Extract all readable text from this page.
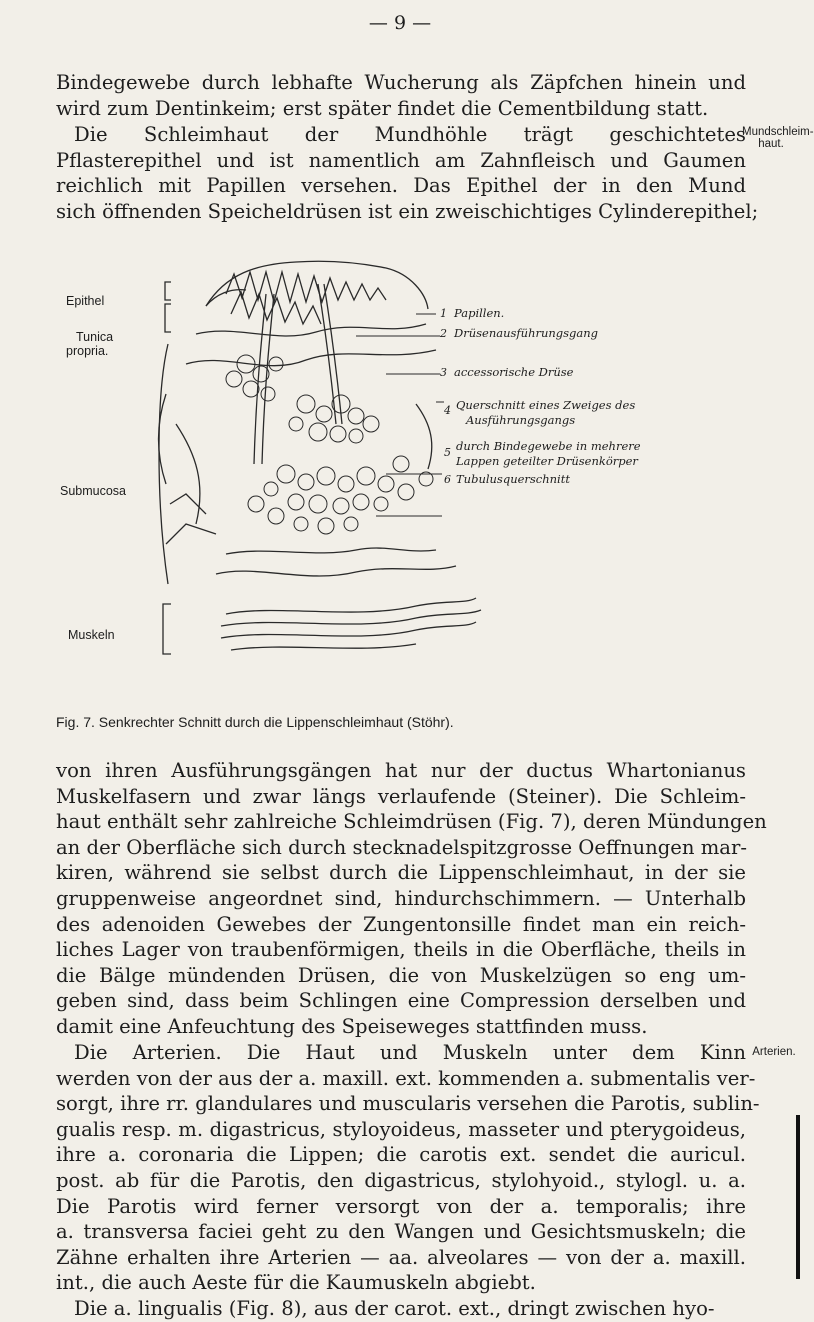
— 9 —
Bindegewebe durch lebhafte Wucherung als Zäpfchen hinein und
wird zum Dentinkeim; erst später findet die Cementbildung statt.
Die Schleimhaut der Mundhöhle trägt geschichtetes
Pflasterepithel und ist namentlich am Zahnfleisch und Gaumen
reichlich mit Papillen versehen. Das Epithel der in den Mund
sich öffnenden Speicheldrüsen ist ein zweischichtiges Cylinderepithel;
Mundschleim-
haut.
Epithel
Tunica
propria.
Submucosa
Muskeln
1 Papillen.
2 Drüsenausführungsgang
3 accessorische Drüse
4 Querschnitt eines Zweiges des
Ausführungsgangs
5 durch Bindegewebe in mehrere
Lappen geteilter Drüsenkörper
6 Tubulusquerschnitt
Fig. 7. Senkrechter Schnitt durch die Lippenschleimhaut (Stöhr).
von ihren Ausführungsgängen hat nur der ductus Whartonianus
Muskelfasern und zwar längs verlaufende (Steiner). Die Schleim-
haut enthält sehr zahlreiche Schleimdrüsen (Fig. 7), deren Mündungen
an der Oberfläche sich durch stecknadelspitzgrosse Oeffnungen mar-
kiren, während sie selbst durch die Lippenschleimhaut, in der sie
gruppenweise angeordnet sind, hindurchschimmern. — Unterhalb
des adenoiden Gewebes der Zungentonsille findet man ein reich-
liches Lager von traubenförmigen, theils in die Oberfläche, theils in
die Bälge mündenden Drüsen, die von Muskelzügen so eng um-
geben sind, dass beim Schlingen eine Compression derselben und
damit eine Anfeuchtung des Speiseweges stattfinden muss.
Die Arterien. Die Haut und Muskeln unter dem Kinn
werden von der aus der a. maxill. ext. kommenden a. submentalis ver-
sorgt, ihre rr. glandulares und muscularis versehen die Parotis, sublin-
gualis resp. m. digastricus, styloyoideus, masseter und pterygoideus,
ihre a. coronaria die Lippen; die carotis ext. sendet die auricul.
post. ab für die Parotis, den digastricus, stylohyoid., stylogl. u. a.
Die Parotis wird ferner versorgt von der a. temporalis; ihre
a. transversa faciei geht zu den Wangen und Gesichtsmuskeln; die
Zähne erhalten ihre Arterien — aa. alveolares — von der a. maxill.
int., die auch Aeste für die Kaumuskeln abgiebt.
Die a. lingualis (Fig. 8), aus der carot. ext., dringt zwischen hyo-
Arterien.
